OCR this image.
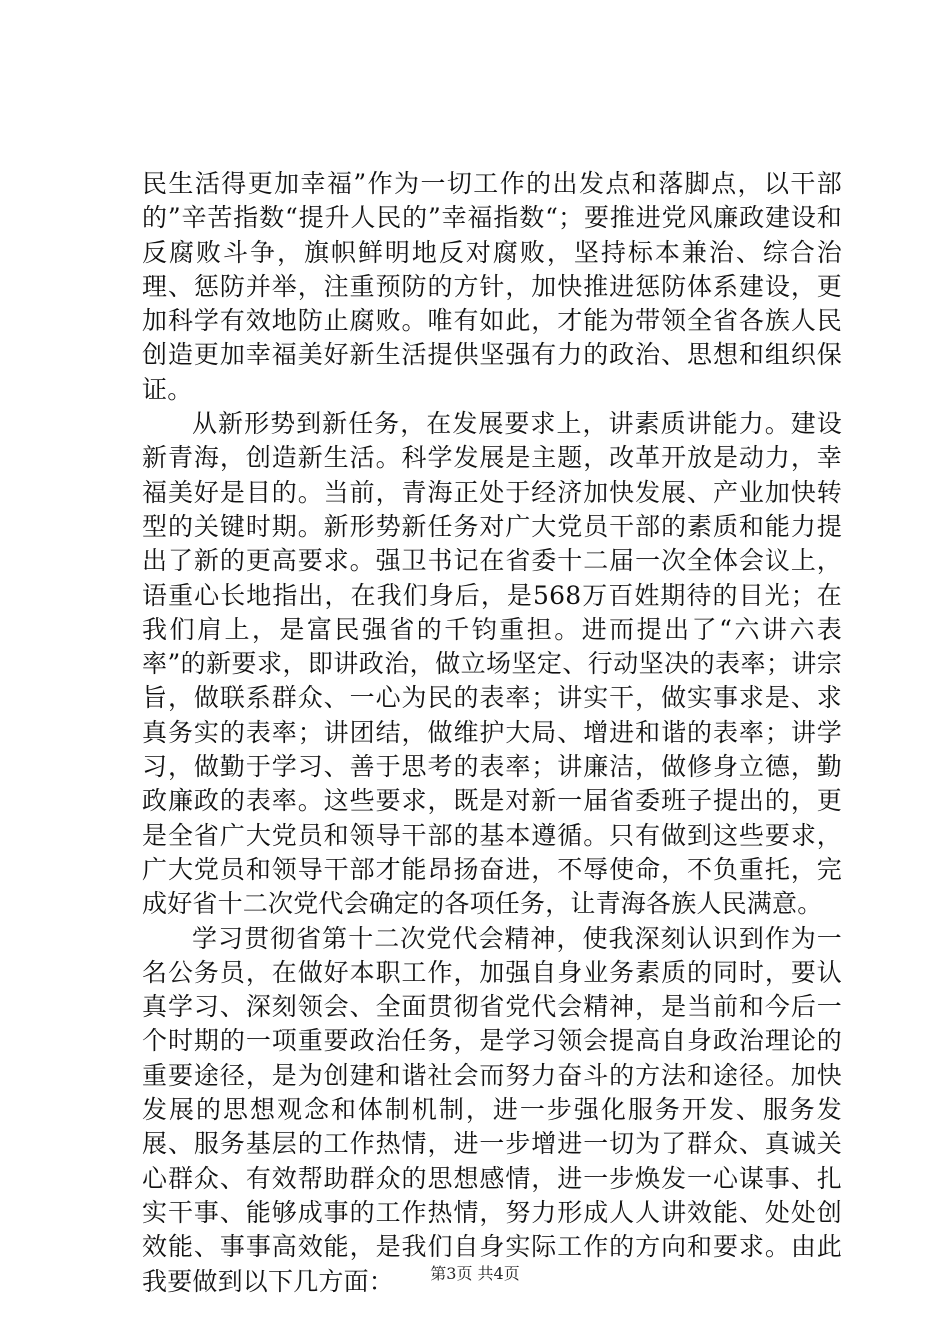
民生活得更加幸福”作为一切工作的出发点和落脚点，以干部的”辛苦指数“提升人民的”幸福指数“；要推进党风廉政建设和反腐败斗争，旗帜鲜明地反对腐败，坚持标本兼治、综合治理、惩防并举，注重预防的方针，加快推进惩防体系建设，更加科学有效地防止腐败。唯有如此，才能为带领全省各族人民创造更加幸福美好新生活提供坚强有力的政治、思想和组织保证。

从新形势到新任务，在发展要求上，讲素质讲能力。建设新青海，创造新生活。科学发展是主题，改革开放是动力，幸福美好是目的。当前，青海正处于经济加快发展、产业加快转型的关键时期。新形势新任务对广大党员干部的素质和能力提出了新的更高要求。强卫书记在省委十二届一次全体会议上，语重心长地指出，在我们身后，是568万百姓期待的目光；在我们肩上，是富民强省的千钧重担。进而提出了“六讲六表率”的新要求，即讲政治，做立场坚定、行动坚决的表率；讲宗旨，做联系群众、一心为民的表率；讲实干，做实事求是、求真务实的表率；讲团结，做维护大局、增进和谐的表率；讲学习，做勤于学习、善于思考的表率；讲廉洁，做修身立德，勤政廉政的表率。这些要求，既是对新一届省委班子提出的，更是全省广大党员和领导干部的基本遵循。只有做到这些要求，广大党员和领导干部才能昂扬奋进，不辱使命，不负重托，完成好省十二次党代会确定的各项任务，让青海各族人民满意。

学习贯彻省第十二次党代会精神，使我深刻认识到作为一名公务员，在做好本职工作，加强自身业务素质的同时，要认真学习、深刻领会、全面贯彻省党代会精神，是当前和今后一个时期的一项重要政治任务，是学习领会提高自身政治理论的重要途径，是为创建和谐社会而努力奋斗的方法和途径。加快发展的思想观念和体制机制，进一步强化服务开发、服务发展、服务基层的工作热情，进一步增进一切为了群众、真诚关心群众、有效帮助群众的思想感情，进一步焕发一心谋事、扎实干事、能够成事的工作热情，努力形成人人讲效能、处处创效能、事事高效能，是我们自身实际工作的方向和要求。由此我要做到以下几方面：	第3页 共4页
